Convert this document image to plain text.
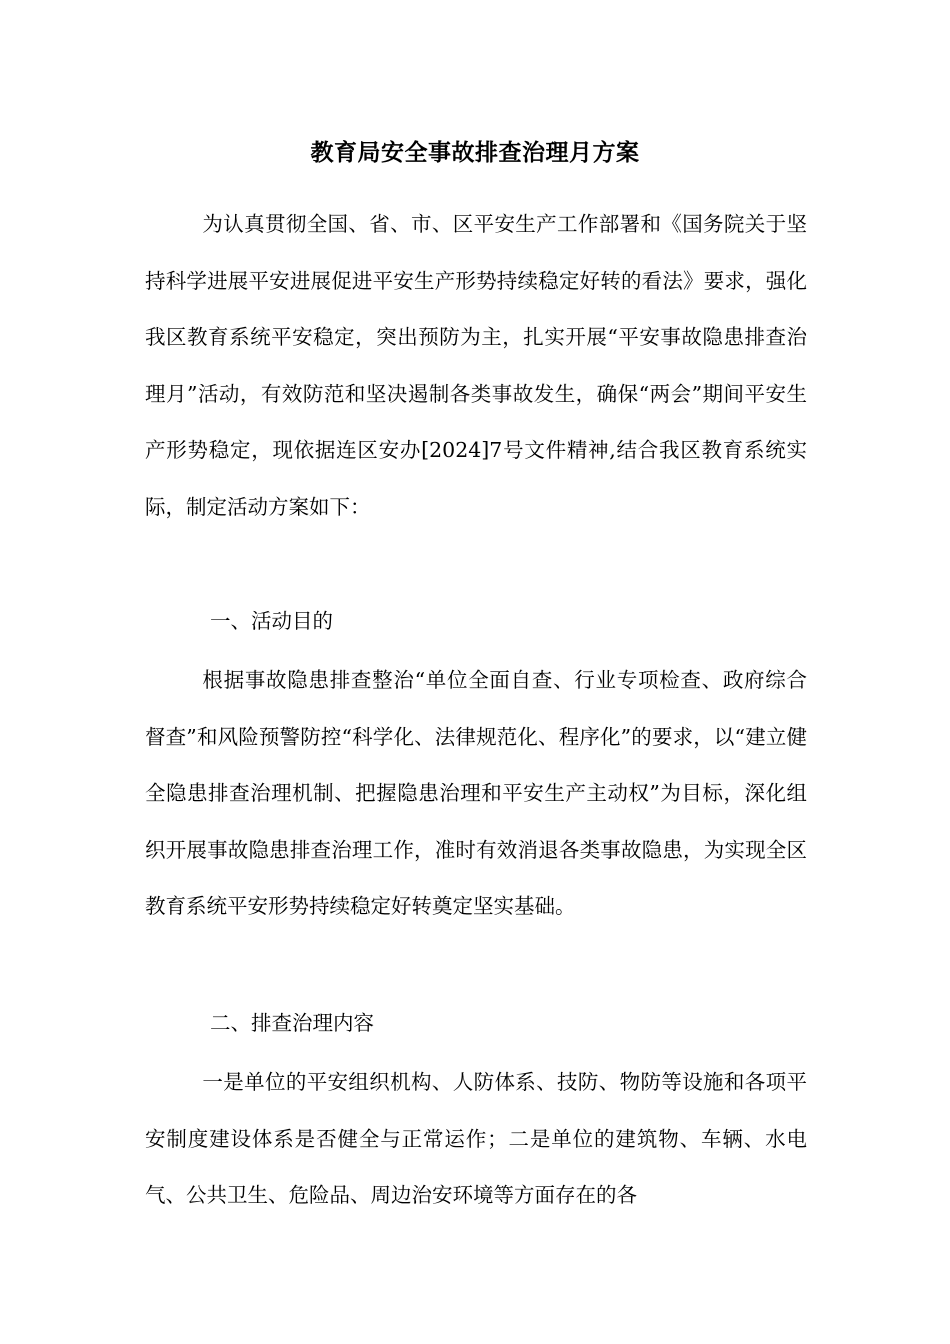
教育局安全事故排查治理月方案

为认真贯彻全国、省、市、区平安生产工作部署和《国务院关于坚持科学进展平安进展促进平安生产形势持续稳定好转的看法》要求，强化我区教育系统平安稳定，突出预防为主，扎实开展“平安事故隐患排查治理月”活动，有效防范和坚决遏制各类事故发生，确保“两会”期间平安生产形势稳定，现依据连区安办[2024]7号文件精神,结合我区教育系统实际，制定活动方案如下：

一、活动目的

根据事故隐患排查整治“单位全面自查、行业专项检查、政府综合督查”和风险预警防控“科学化、法律规范化、程序化”的要求，以“建立健全隐患排查治理机制、把握隐患治理和平安生产主动权”为目标，深化组织开展事故隐患排查治理工作，准时有效消退各类事故隐患，为实现全区教育系统平安形势持续稳定好转奠定坚实基础。

二、排查治理内容

一是单位的平安组织机构、人防体系、技防、物防等设施和各项平安制度建设体系是否健全与正常运作；二是单位的建筑物、车辆、水电气、公共卫生、危险品、周边治安环境等方面存在的各
